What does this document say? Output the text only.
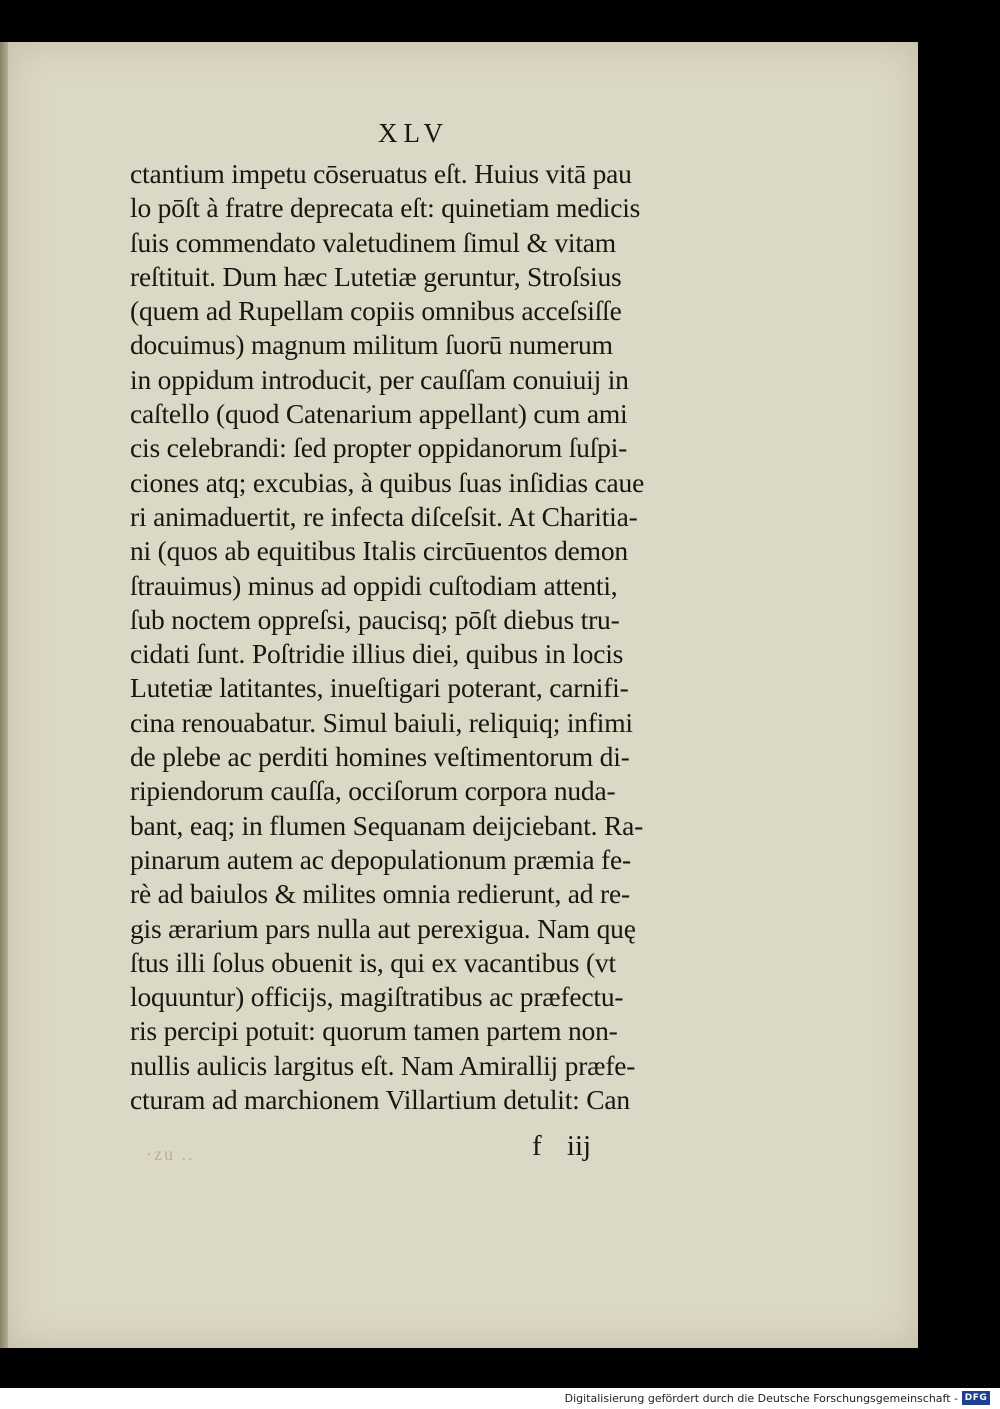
XLV
ctantium impetu cōseruatus eſt. Huius vitā pau
lo pōſt à fratre deprecata eſt: quinetiam medicis
ſuis commendato valetudinem ſimul & vitam
reſtituit. Dum hæc Lutetiæ geruntur, Stroſsius
(quem ad Rupellam copiis omnibus acceſsiſſe
docuimus) magnum militum ſuorū numerum
in oppidum introducit, per cauſſam conuiuij in
caſtello (quod Catenarium appellant) cum ami
cis celebrandi: ſed propter oppidanorum ſuſpi-
ciones atq; excubias, à quibus ſuas inſidias caue
ri animaduertit, re infecta diſceſsit. At Charitia-
ni (quos ab equitibus Italis circūuentos demon
ſtrauimus) minus ad oppidi cuſtodiam attenti,
ſub noctem oppreſsi, paucisq; pōſt diebus tru-
cidati ſunt. Poſtridie illius diei, quibus in locis
Lutetiæ latitantes, inueſtigari poterant, carnifi-
cina renouabatur. Simul baiuli, reliquiq; infimi
de plebe ac perditi homines veſtimentorum di-
ripiendorum cauſſa, occiſorum corpora nuda-
bant, eaq; in flumen Sequanam deijciebant. Ra-
pinarum autem ac depopulationum præmia fe-
rè ad baiulos & milites omnia redierunt, ad re-
gis ærarium pars nulla aut perexigua. Nam quę
ſtus illi ſolus obuenit is, qui ex vacantibus (vt
loquuntur) officijs, magiſtratibus ac præfectu-
ris percipi potuit: quorum tamen partem non-
nullis aulicis largitus eſt. Nam Amirallij præfe-
cturam ad marchionem Villartium detulit: Can
·zu ..	f iij
Digitalisierung gefördert durch die Deutsche Forschungsgemeinschaft - DFG
